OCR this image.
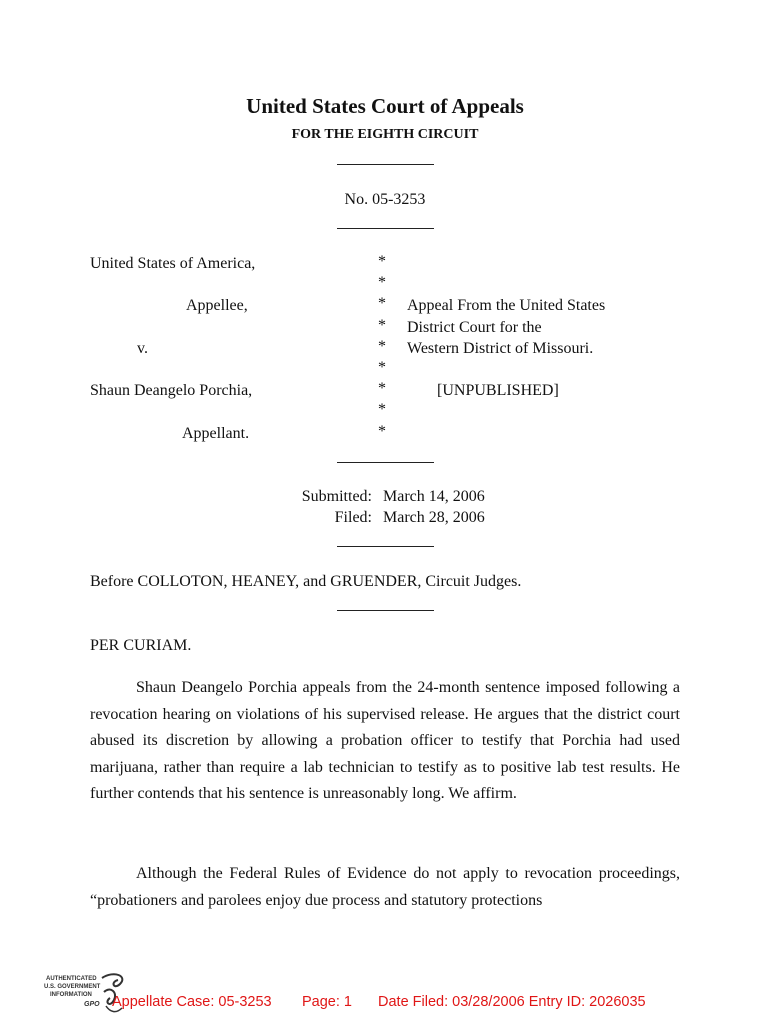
United States Court of Appeals
FOR THE EIGHTH CIRCUIT
No. 05-3253
United States of America,
Appellee,
v.
Shaun Deangelo Porchia,
Appellant.
*
*
*
*
*
*
*
*
*
Appeal From the United States
District Court for the
Western District of Missouri.
[UNPUBLISHED]
Submitted: March 14, 2006
Filed: March 28, 2006
Before COLLOTON, HEANEY, and GRUENDER, Circuit Judges.
PER CURIAM.
Shaun Deangelo Porchia appeals from the 24-month sentence imposed following a revocation hearing on violations of his supervised release. He argues that the district court abused its discretion by allowing a probation officer to testify that Porchia had used marijuana, rather than require a lab technician to testify as to positive lab test results. He further contends that his sentence is unreasonably long. We affirm.
Although the Federal Rules of Evidence do not apply to revocation proceedings, “probationers and parolees enjoy due process and statutory protections
AUTHENTICATED
U.S. GOVERNMENT
INFORMATION
GPO Appellate Case: 05-3253 Page: 1 Date Filed: 03/28/2006 Entry ID: 2026035
